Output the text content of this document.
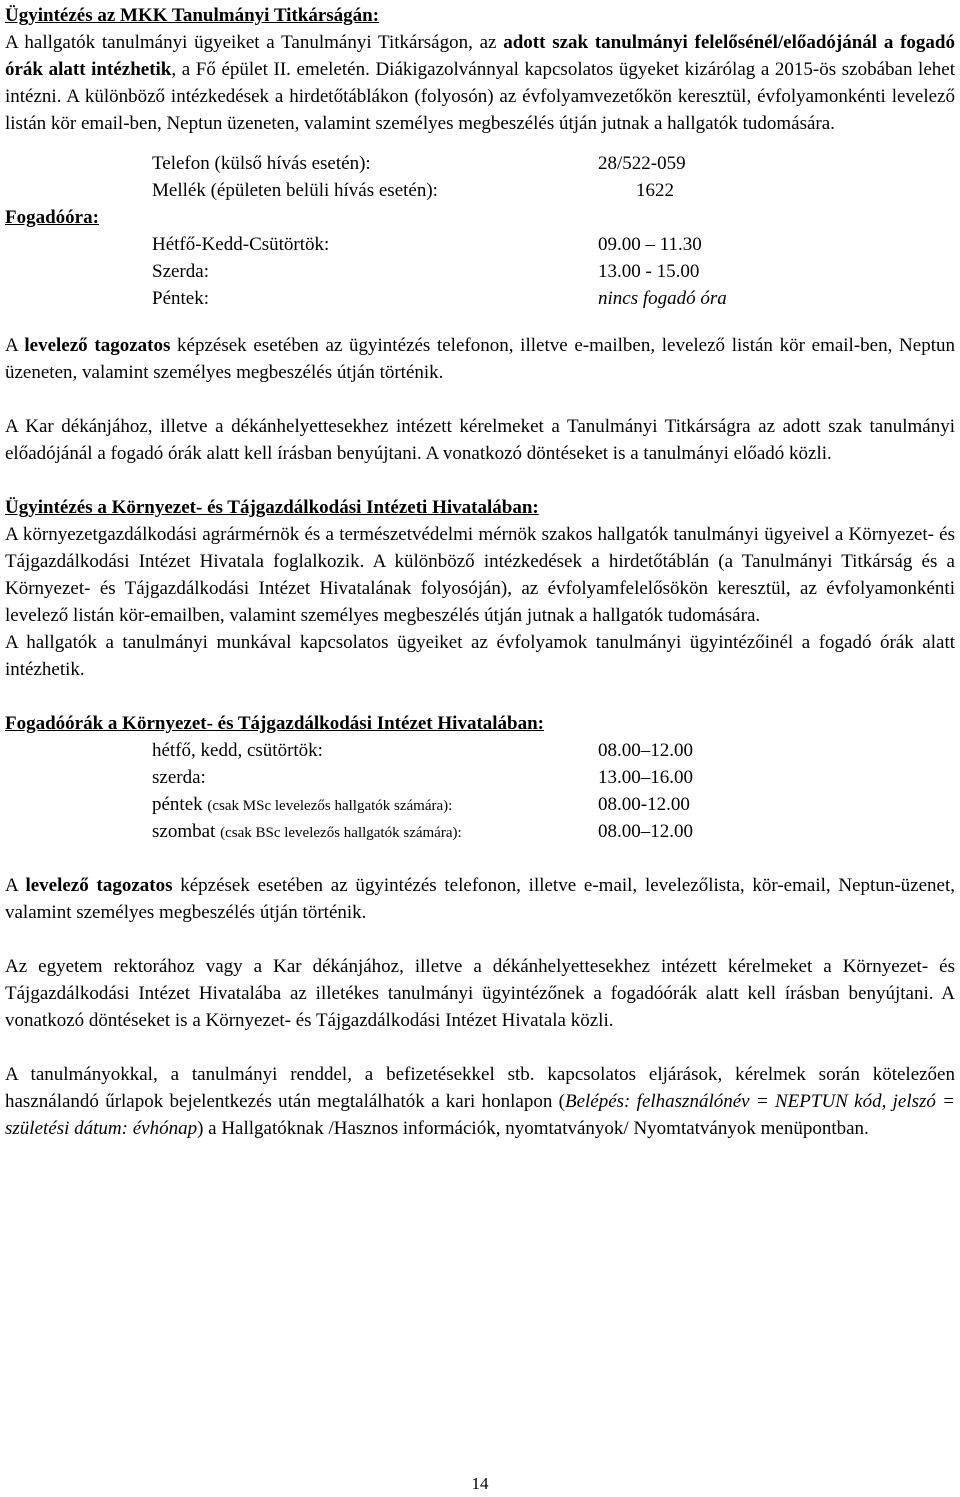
Ügyintézés az MKK Tanulmányi Titkárságán:

A hallgatók tanulmányi ügyeiket a Tanulmányi Titkárságon, az adott szak tanulmányi felelősénél/előadójánál a fogadó órák alatt intézhetik, a Fő épület II. emeletén. Diákigazolvánnyal kapcsolatos ügyeket kizárólag a 2015-ös szobában lehet intézni. A különböző intézkedések a hirdetőtáblákon (folyosón) az évfolyamvezetőkön keresztül, évfolyamonkénti levelező listán kör email-ben, Neptun üzeneten, valamint személyes megbeszélés útján jutnak a hallgatók tudomására.

Telefon (külső hívás esetén):	28/522-059
Mellék (épületen belüli hívás esetén):	1622
Hétfő-Kedd-Csütörtök:	09.00 – 11.30
Szerda:	13.00 - 15.00
Péntek:	nincs fogadó óra
Fogadóóra:

A levelező tagozatos képzések esetében az ügyintézés telefonon, illetve e-mailben, levelező listán kör email-ben, Neptun üzeneten, valamint személyes megbeszélés útján történik.

A Kar dékánjához, illetve a dékánhelyettesekhez intézett kérelmeket a Tanulmányi Titkárságra az adott szak tanulmányi előadójánál a fogadó órák alatt kell írásban benyújtani. A vonatkozó döntéseket is a tanulmányi előadó közli.

Ügyintézés a Környezet- és Tájgazdálkodási Intézeti Hivatalában:

A környezetgazdálkodási agrármérnök és a természetvédelmi mérnök szakos hallgatók tanulmányi ügyeivel a Környezet- és Tájgazdálkodási Intézet Hivatala foglalkozik. A különböző intézkedések a hirdetőtáblán (a Tanulmányi Titkárság és a Környezet- és Tájgazdálkodási Intézet Hivatalának folyosóján), az évfolyamfelelősökön keresztül, az évfolyamonkénti levelező listán kör-emailben, valamint személyes megbeszélés útján jutnak a hallgatók tudomására.

A hallgatók a tanulmányi munkával kapcsolatos ügyeiket az évfolyamok tanulmányi ügyintézőinél a fogadó órák alatt intézhetik.

Fogadóórák a Környezet- és Tájgazdálkodási Intézet Hivatalában:

hétfő, kedd, csütörtök:	08.00–12.00
szerda:	13.00–16.00
péntek (csak MSc levelezős hallgatók számára):	08.00-12.00
szombat (csak BSc levelezős hallgatók számára):	08.00–12.00

A levelező tagozatos képzések esetében az ügyintézés telefonon, illetve e-mail, levelezőlista, kör-email, Neptun-üzenet, valamint személyes megbeszélés útján történik.

Az egyetem rektorához vagy a Kar dékánjához, illetve a dékánhelyettesekhez intézett kérelmeket a Környezet- és Tájgazdálkodási Intézet Hivatalába az illetékes tanulmányi ügyintézőnek a fogadóórák alatt kell írásban benyújtani. A vonatkozó döntéseket is a Környezet- és Tájgazdálkodási Intézet Hivatala közli.

A tanulmányokkal, a tanulmányi renddel, a befizetésekkel stb. kapcsolatos eljárások, kérelmek során kötelezően használandó űrlapok bejelentkezés után megtalálhatók a kari honlapon (Belépés: felhasználónév = NEPTUN kód, jelszó = születési dátum: évhónap) a Hallgatóknak /Hasznos információk, nyomtatványok/ Nyomtatványok menüpontban.

14
